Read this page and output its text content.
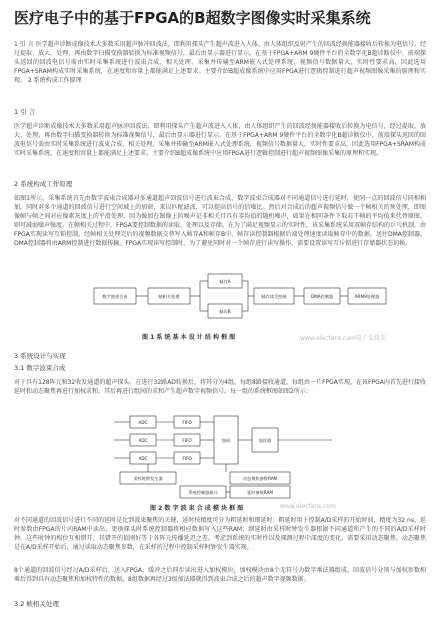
医疗电子中的基于FPGA的B超数字图像实时采集系统
1 引 言 医学超声诊断成像技术大多数采用超声脉冲回波法，即利用探头产生超声波进入人体，由人体组织反射产生的回波经换能器接收后转换为电信号，经过提取、放大、处理，再由数字扫描变换器转换为标准视频信号，最后由显示器进行显示。在基于FPGA+ARM 9硬件平台的全数字化B超诊断仪中，前端探头返回的回波电信号需由实时采集系统进行波束合成、相关处理、采集并传输至ARM嵌入式处理系统，视频信号数据量大，实时性要求高，因此选用FPGA+SRAM构成实时采集系统，在速度和容量上都能满足上述要求。主要介绍B超成像系统中应用FPGA进行逻辑控制进行超声视频图像采集的原理和实现。 2 系统构成工作原理
1 引 言
医学超声诊断成像技术大多数采用超声脉冲回波法，即利用探头产生超声波进入人体，由人体组织产生的回波经换能器接收后转换为电信号，经过提取、放大、处理，再由数字扫描变换器转换为标准视频信号，最后由显示器进行显示。在基于FPGA+ARM 9硬件平台的全数字化B超诊断仪中，前端探头返回的回波电信号需由实时采集系统进行波束合成、相关处理、采集并传输至ARM嵌入式处理系统，视频信号数据量大，实时性要求高，因此选用FPGA+SRAM构成实时采集系统，在速度和容量上都能满足上述要求。主要介绍B超成像系统中应用FPGA进行逻辑控制进行超声视频图像采集的原理和实现。
2 系统构成工作原理
如图1所示，采集系统首先由数字波束合成器对多通道超声回波信号进行波束合成，数字波束合成器对不同通道信号进行延时，使同一点的回波信号同相相加，同时对多个通道的回波信号进行空间域上的加窗，来以匹配滤波，可以提高信号的信噪比。然后对合成后的超声视频信号做一个帧相关的预处理，即图像帧与帧之间对应像素灰度上的平滑处理。因为像加在图像上的噪声是非相关且具有零均值的随机噪声，如果在相同条件下取若干帧的平均值来代替原图，则可减弱噪声强度。在帧相关过程中，FPGA要控制数据的读取、处理以及存储。在为了满足视频显示的实时性，该采集系统采用双帧存结构的乒乓机制，由FPGA实现读写互锁控制。经帧相关处理完后的视频数据交替写入帧存A和帧存B中，帧存读控制器根据后端处理速度读取帧存中的数据，送往DMA控制器。DMA控制器将由ARM控制进行数据传输。FPGA实现读写控制时，为了避免同时对一个帧存进行读写操作，需要设置读写互斥锁进行存储器状态切换。
数字波束合成	帧相关处理
帧存A
帧存B
帧存读写控制	DMA控制器	ARM9处理器
图 1 系 统 基 本 设 计 结 构 框 图	www.elecfans.com电子发烧友
3 系统设计与实现
3.1 数字波束合成
对于具有128阵元和32收发通道的超声探头，在进行32路AD转换后，将其分为4组，每组8路接收通道，每组由一片FPGA实现，在该FPGA内首先进行接收延时和动态聚焦再进行加权求和，其后再进行组间的求和产生超声数字视频信号。每一组的系统框图如图2所示：
ADC
ADC
ADC
FIFO
FIFO
FIFO
加权	加法器
采样时钟发生器	动态聚焦参数RAM
延时参数RAM
系统控制器接口
图 2 数 字 波 束 合 成 模 块 框 图	www.elecfans.com
对不同通道的回波信号进行不同的延时是比到波束聚焦的关键，延时按精度可分为粗延时和细延时：粗延时用于控制A/D采样的开始时间，精度为32 ns，延时参数由FPGA的片内RAM中读出，更换探头时系统控制器将相应数据写入这些RAM；细延时由采样时钟发生器根据不同通道所产生的不同的A/D采样时钟，这些时钟的相位互相错开，其错开的值刚好等于各阵元传播延迟之差。考虑到系统的实时性以及探测过程中深度的变化，需要采用动态聚焦。动态聚焦是在A/D采样开始后，通过读取动态聚焦参数，在采样的过程中控制采样时钟发生器实现。
8个通道的回波信号经过A/D采样后，送入FPGA，缓冲之后同步读出进入加权模块，加权模块由8个无符号为数字乘法器组成。回波信号分别与加权参数相乘后得到具有动态聚焦和加权特性的数据。8组数据再经过3级加法器就得到波束合成之后的超声数字视频数据。
3.2 帧相关处理
